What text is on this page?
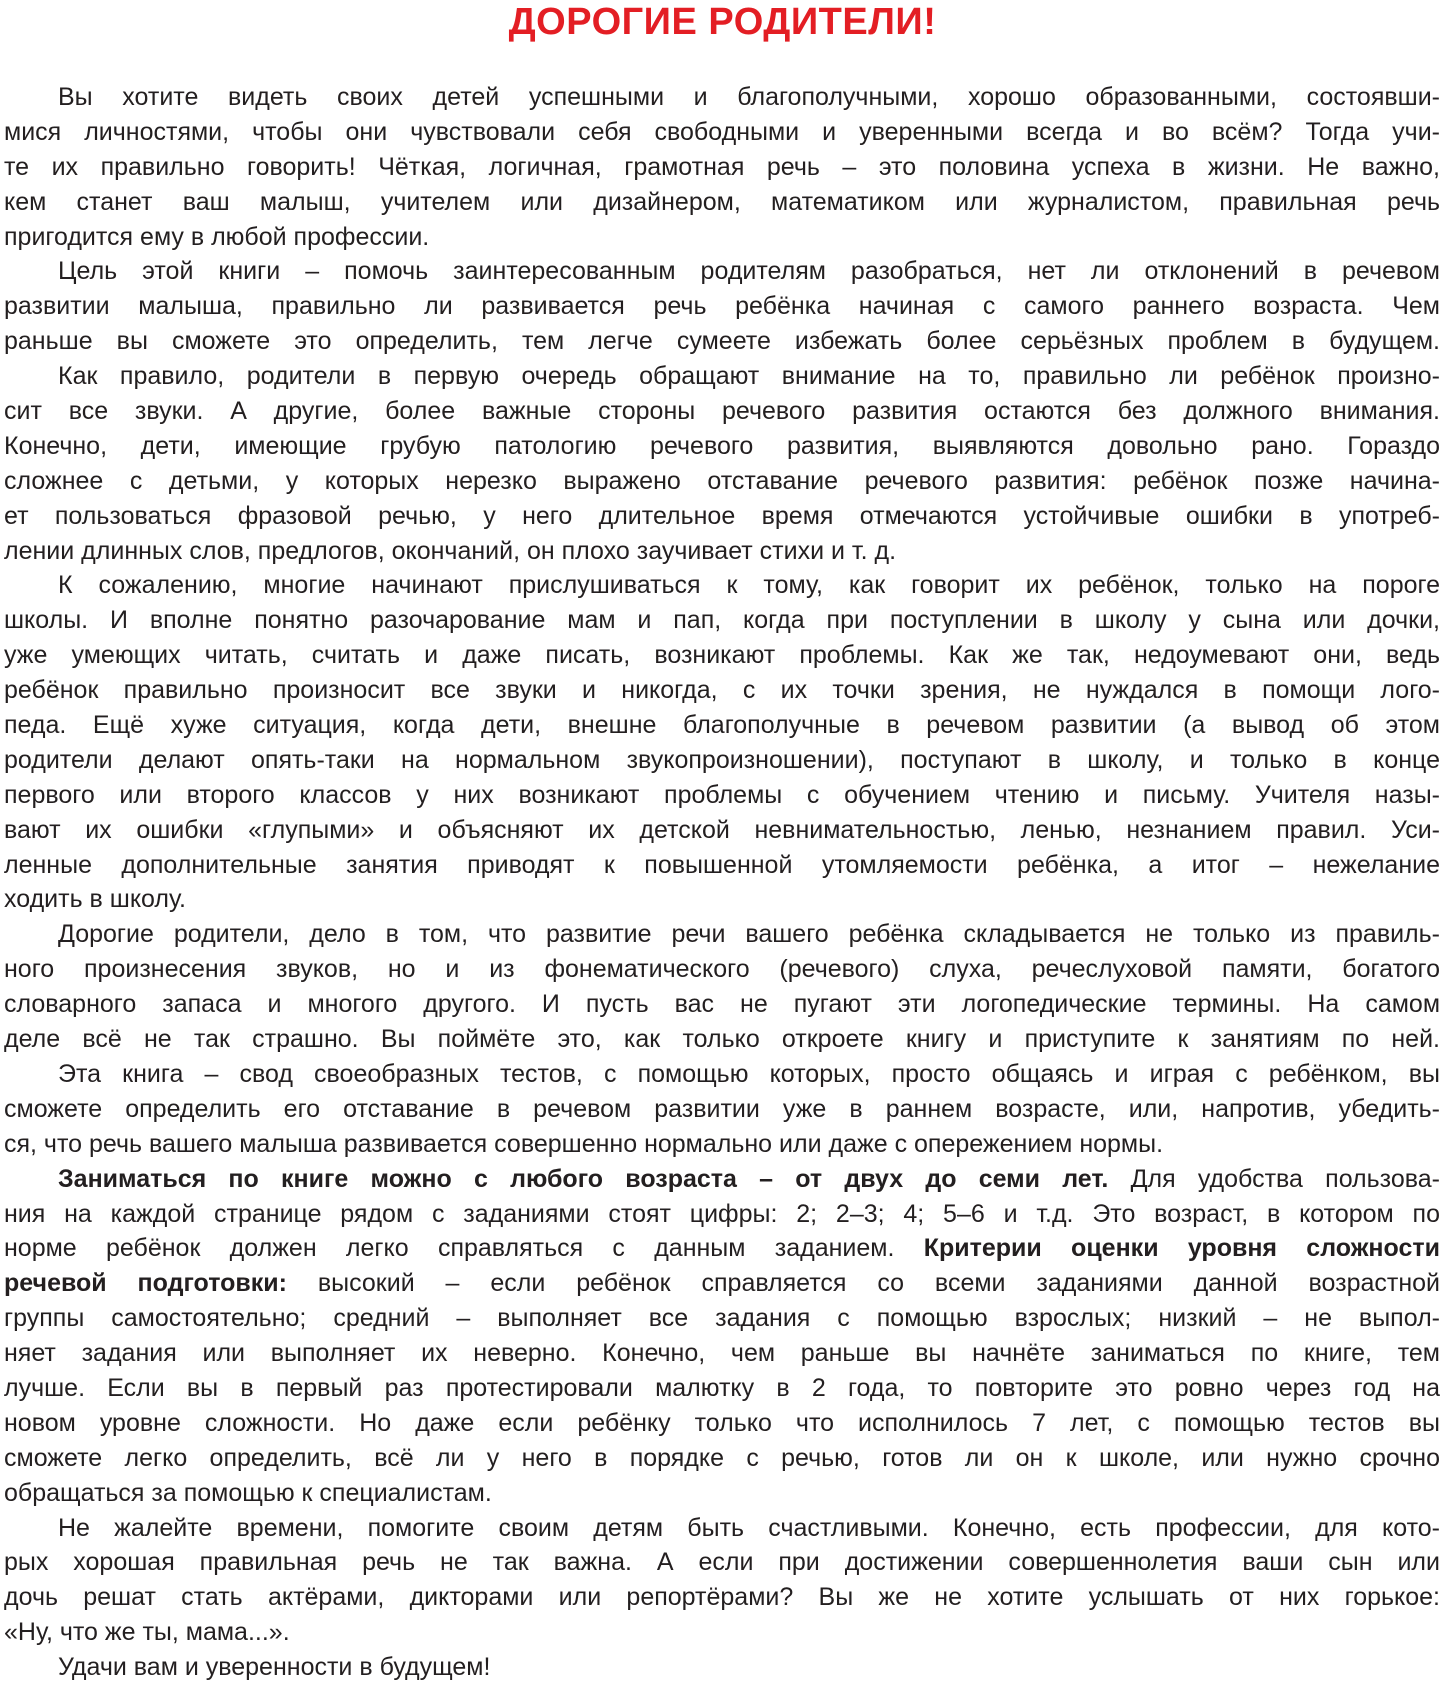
ДОРОГИЕ РОДИТЕЛИ!
Вы хотите видеть своих детей успешными и благополучными, хорошо образованными, состоявши-
мися личностями, чтобы они чувствовали себя свободными и уверенными всегда и во всём? Тогда учи-
те их правильно говорить! Чёткая, логичная, грамотная речь – это половина успеха в жизни. Не важно,
кем станет ваш малыш, учителем или дизайнером, математиком или журналистом, правильная речь
пригодится ему в любой профессии.
Цель этой книги – помочь заинтересованным родителям разобраться, нет ли отклонений в речевом
развитии малыша, правильно ли развивается речь ребёнка начиная с самого раннего возраста. Чем
раньше вы сможете это определить, тем легче сумеете избежать более серьёзных проблем в будущем.
Как правило, родители в первую очередь обращают внимание на то, правильно ли ребёнок произно-
сит все звуки. А другие, более важные стороны речевого развития остаются без должного внимания.
Конечно, дети, имеющие грубую патологию речевого развития, выявляются довольно рано. Гораздо
сложнее с детьми, у которых нерезко выражено отставание речевого развития: ребёнок позже начина-
ет пользоваться фразовой речью, у него длительное время отмечаются устойчивые ошибки в употреб-
лении длинных слов, предлогов, окончаний, он плохо заучивает стихи и т. д.
К сожалению, многие начинают прислушиваться к тому, как говорит их ребёнок, только на пороге
школы. И вполне понятно разочарование мам и пап, когда при поступлении в школу у сына или дочки,
уже умеющих читать, считать и даже писать, возникают проблемы. Как же так, недоумевают они, ведь
ребёнок правильно произносит все звуки и никогда, с их точки зрения, не нуждался в помощи лого-
педа. Ещё хуже ситуация, когда дети, внешне благополучные в речевом развитии (а вывод об этом
родители делают опять-таки на нормальном звукопроизношении), поступают в школу, и только в конце
первого или второго классов у них возникают проблемы с обучением чтению и письму. Учителя назы-
вают их ошибки «глупыми» и объясняют их детской невнимательностью, ленью, незнанием правил. Уси-
ленные дополнительные занятия приводят к повышенной утомляемости ребёнка, а итог – нежелание
ходить в школу.
Дорогие родители, дело в том, что развитие речи вашего ребёнка складывается не только из правиль-
ного произнесения звуков, но и из фонематического (речевого) слуха, речеслуховой памяти, богатого
словарного запаса и многого другого. И пусть вас не пугают эти логопедические термины. На самом
деле всё не так страшно. Вы поймёте это, как только откроете книгу и приступите к занятиям по ней.
Эта книга – свод своеобразных тестов, с помощью которых, просто общаясь и играя с ребёнком, вы
сможете определить его отставание в речевом развитии уже в раннем возрасте, или, напротив, убедить-
ся, что речь вашего малыша развивается совершенно нормально или даже с опережением нормы.
Заниматься по книге можно с любого возраста – от двух до семи лет. Для удобства пользова-
ния на каждой странице рядом с заданиями стоят цифры: 2; 2–3; 4; 5–6 и т.д. Это возраст, в котором по
норме ребёнок должен легко справляться с данным заданием. Критерии оценки уровня сложности
речевой подготовки: высокий – если ребёнок справляется со всеми заданиями данной возрастной
группы самостоятельно; средний – выполняет все задания с помощью взрослых; низкий – не выпол-
няет задания или выполняет их неверно. Конечно, чем раньше вы начнёте заниматься по книге, тем
лучше. Если вы в первый раз протестировали малютку в 2 года, то повторите это ровно через год на
новом уровне сложности. Но даже если ребёнку только что исполнилось 7 лет, с помощью тестов вы
сможете легко определить, всё ли у него в порядке с речью, готов ли он к школе, или нужно срочно
обращаться за помощью к специалистам.
Не жалейте времени, помогите своим детям быть счастливыми. Конечно, есть профессии, для кото-
рых хорошая правильная речь не так важна. А если при достижении совершеннолетия ваши сын или
дочь решат стать актёрами, дикторами или репортёрами? Вы же не хотите услышать от них горькое:
«Ну, что же ты, мама...».
Удачи вам и уверенности в будущем!
